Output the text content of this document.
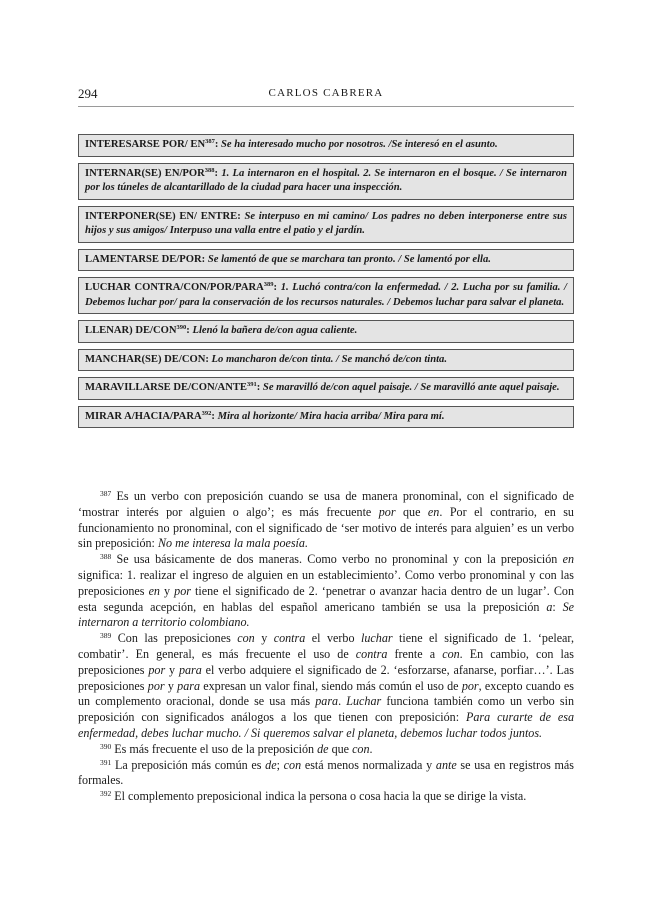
294	CARLOS CABRERA
INTERESARSE POR/ EN$^{387}$: Se ha interesado mucho por nosotros. /Se interesó en el asunto.
INTERNAR(SE) EN/POR$^{388}$: 1. La internaron en el hospital. 2. Se internaron en el bosque. / Se internaron por los túneles de alcantarillado de la ciudad para hacer una inspección.
INTERPONER(SE) EN/ ENTRE: Se interpuso en mi camino/ Los padres no deben interponerse entre sus hijos y sus amigos/ Interpuso una valla entre el patio y el jardín.
LAMENTARSE DE/POR: Se lamentó de que se marchara tan pronto. / Se lamentó por ella.
LUCHAR CONTRA/CON/POR/PARA$^{389}$: 1. Luchó contra/con la enfermedad. / 2. Lucha por su familia. / Debemos luchar por/ para la conservación de los recursos naturales. / Debemos luchar para salvar el planeta.
LLENAR) DE/CON$^{390}$: Llenó la bañera de/con agua caliente.
MANCHAR(SE) DE/CON: Lo mancharon de/con tinta. / Se manchó de/con tinta.
MARAVILLARSE DE/CON/ANTE$^{391}$: Se maravilló de/con aquel paisaje. / Se maravilló ante aquel paisaje.
MIRAR A/HACIA/PARA$^{392}$: Mira al horizonte/ Mira hacia arriba/ Mira para mí.

$^{387}$ Es un verbo con preposición cuando se usa de manera pronominal, con el significado de ‘mostrar interés por alguien o algo’; es más frecuente por que en. Por el contrario, en su funcionamiento no pronominal, con el significado de ‘ser motivo de interés para alguien’ es un verbo sin preposición: No me interesa la mala poesía.

$^{388}$ Se usa básicamente de dos maneras. Como verbo no pronominal y con la preposición en significa: 1. realizar el ingreso de alguien en un establecimiento’. Como verbo pronominal y con las preposiciones en y por tiene el significado de 2. ‘penetrar o avanzar hacia dentro de un lugar’. Con esta segunda acepción, en hablas del español americano también se usa la preposición a: Se internaron a territorio colombiano.

$^{389}$ Con las preposiciones con y contra el verbo luchar tiene el significado de 1. ‘pelear, combatir’. En general, es más frecuente el uso de contra frente a con. En cambio, con las preposiciones por y para el verbo adquiere el significado de 2. ‘esforzarse, afanarse, porfiar…’. Las preposiciones por y para expresan un valor final, siendo más común el uso de por, excepto cuando es un complemento oracional, donde se usa más para. Luchar funciona también como un verbo sin preposición con significados análogos a los que tienen con preposición: Para curarte de esa enfermedad, debes luchar mucho. / Si queremos salvar el planeta, debemos luchar todos juntos.

$^{390}$ Es más frecuente el uso de la preposición de que con.

$^{391}$ La preposición más común es de; con está menos normalizada y ante se usa en registros más formales.

$^{392}$ El complemento preposicional indica la persona o cosa hacia la que se dirige la vista.
